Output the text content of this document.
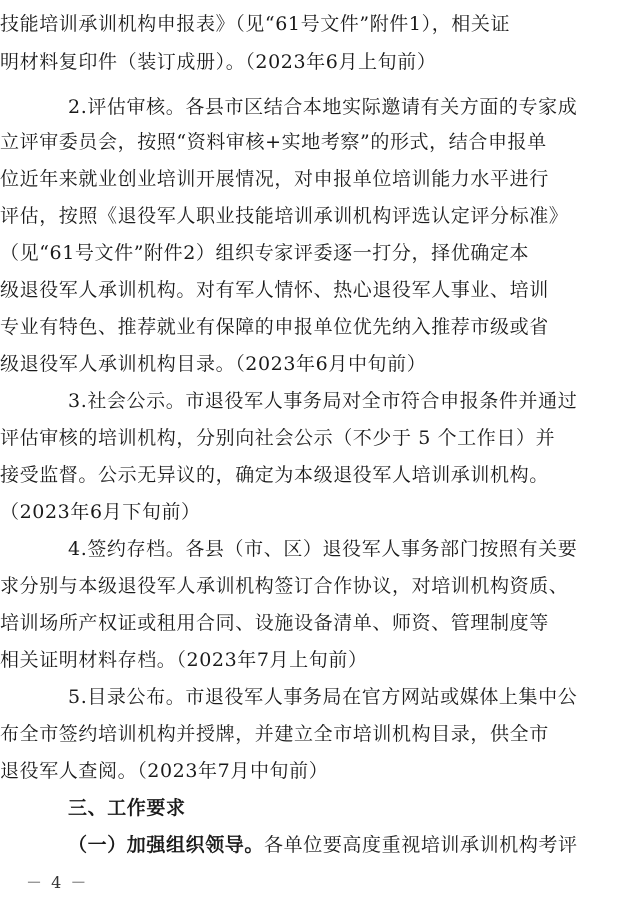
技能培训承训机构申报表》（见“61号文件”附件1），相关证
明材料复印件（装订成册）。（2023年6月上旬前）
2.评估审核。各县市区结合本地实际邀请有关方面的专家成
立评审委员会，按照“资料审核+实地考察”的形式，结合申报单
位近年来就业创业培训开展情况，对申报单位培训能力水平进行
评估，按照《退役军人职业技能培训承训机构评选认定评分标准》
（见“61号文件”附件2）组织专家评委逐一打分，择优确定本
级退役军人承训机构。对有军人情怀、热心退役军人事业、培训
专业有特色、推荐就业有保障的申报单位优先纳入推荐市级或省
级退役军人承训机构目录。（2023年6月中旬前）
3.社会公示。市退役军人事务局对全市符合申报条件并通过
评估审核的培训机构，分别向社会公示（不少于 5 个工作日）并
接受监督。公示无异议的，确定为本级退役军人培训承训机构。
（2023年6月下旬前）
4.签约存档。各县（市、区）退役军人事务部门按照有关要
求分别与本级退役军人承训机构签订合作协议，对培训机构资质、
培训场所产权证或租用合同、设施设备清单、师资、管理制度等
相关证明材料存档。（2023年7月上旬前）
5.目录公布。市退役军人事务局在官方网站或媒体上集中公
布全市签约培训机构并授牌，并建立全市培训机构目录，供全市
退役军人查阅。（2023年7月中旬前）
三、工作要求
（一）加强组织领导。各单位要高度重视培训承训机构考评
－ 4 －
